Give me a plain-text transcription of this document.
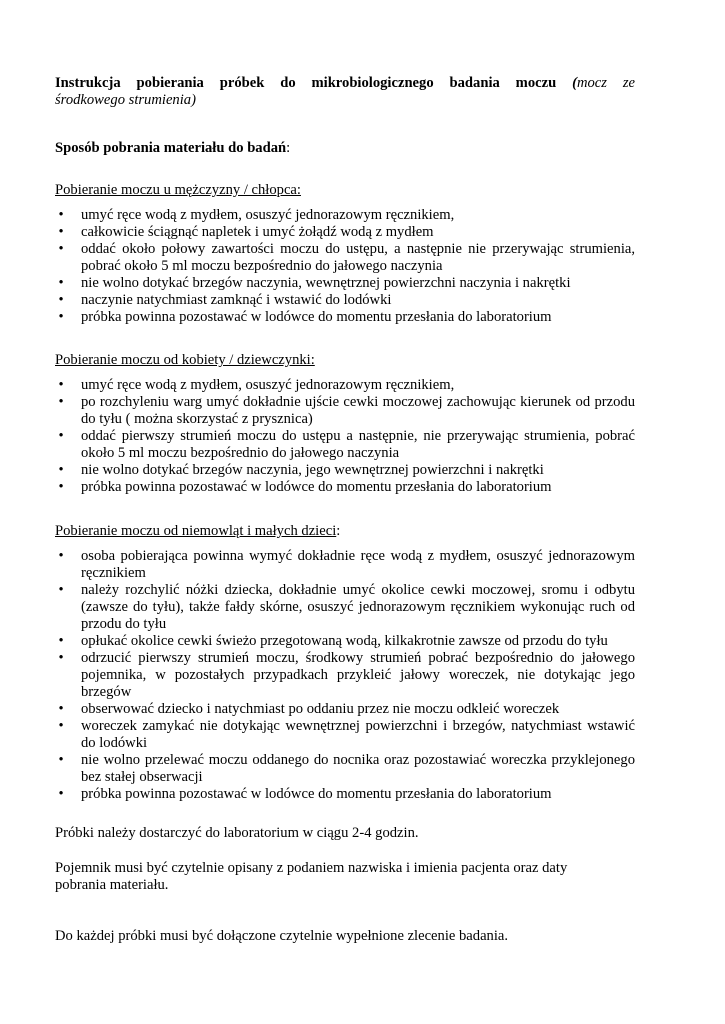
Instrukcja pobierania próbek do mikrobiologicznego badania moczu (mocz ze
środkowego strumienia)
Sposób pobrania materiału do badań:
Pobieranie moczu u mężczyzny / chłopca:
• umyć ręce wodą z mydłem, osuszyć jednorazowym ręcznikiem,
• całkowicie ściągnąć napletek i umyć żołądź wodą z mydłem
• oddać około połowy zawartości moczu do ustępu, a następnie nie przerywając strumienia, pobrać około 5 ml moczu bezpośrednio do jałowego naczynia
• nie wolno dotykać brzegów naczynia, wewnętrznej powierzchni naczynia i nakrętki
• naczynie natychmiast zamknąć i wstawić do lodówki
• próbka powinna pozostawać w lodówce do momentu przesłania do laboratorium
Pobieranie moczu od kobiety / dziewczynki:
• umyć ręce wodą z mydłem, osuszyć jednorazowym ręcznikiem,
• po rozchyleniu warg umyć dokładnie ujście cewki moczowej zachowując kierunek od przodu do tyłu ( można skorzystać z prysznica)
• oddać pierwszy strumień moczu do ustępu a następnie, nie przerywając strumienia, pobrać około 5 ml moczu bezpośrednio do jałowego naczynia
• nie wolno dotykać brzegów naczynia, jego wewnętrznej powierzchni i nakrętki
• próbka powinna pozostawać w lodówce do momentu przesłania do laboratorium
Pobieranie moczu od niemowląt i małych dzieci:
• osoba pobierająca powinna wymyć dokładnie ręce wodą z mydłem, osuszyć jednorazowym ręcznikiem
• należy rozchylić nóżki dziecka, dokładnie umyć okolice cewki moczowej, sromu i odbytu (zawsze do tyłu), także fałdy skórne, osuszyć jednorazowym ręcznikiem wykonując ruch od przodu do tyłu
• opłukać okolice cewki świeżo przegotowaną wodą, kilkakrotnie zawsze od przodu do tyłu
• odrzucić pierwszy strumień moczu, środkowy strumień pobrać bezpośrednio do jałowego pojemnika, w pozostałych przypadkach przykleić jałowy woreczek, nie dotykając jego brzegów
• obserwować dziecko i natychmiast po oddaniu przez nie moczu odkleić woreczek
• woreczek zamykać nie dotykając wewnętrznej powierzchni i brzegów, natychmiast wstawić do lodówki
• nie wolno przelewać moczu oddanego do nocnika oraz pozostawiać woreczka przyklejonego bez stałej obserwacji
• próbka powinna pozostawać w lodówce do momentu przesłania do laboratorium
Próbki należy dostarczyć do laboratorium w ciągu 2-4 godzin.
Pojemnik musi być czytelnie opisany z podaniem nazwiska i imienia pacjenta oraz daty
pobrania materiału.
Do każdej próbki musi być dołączone czytelnie wypełnione zlecenie badania.
